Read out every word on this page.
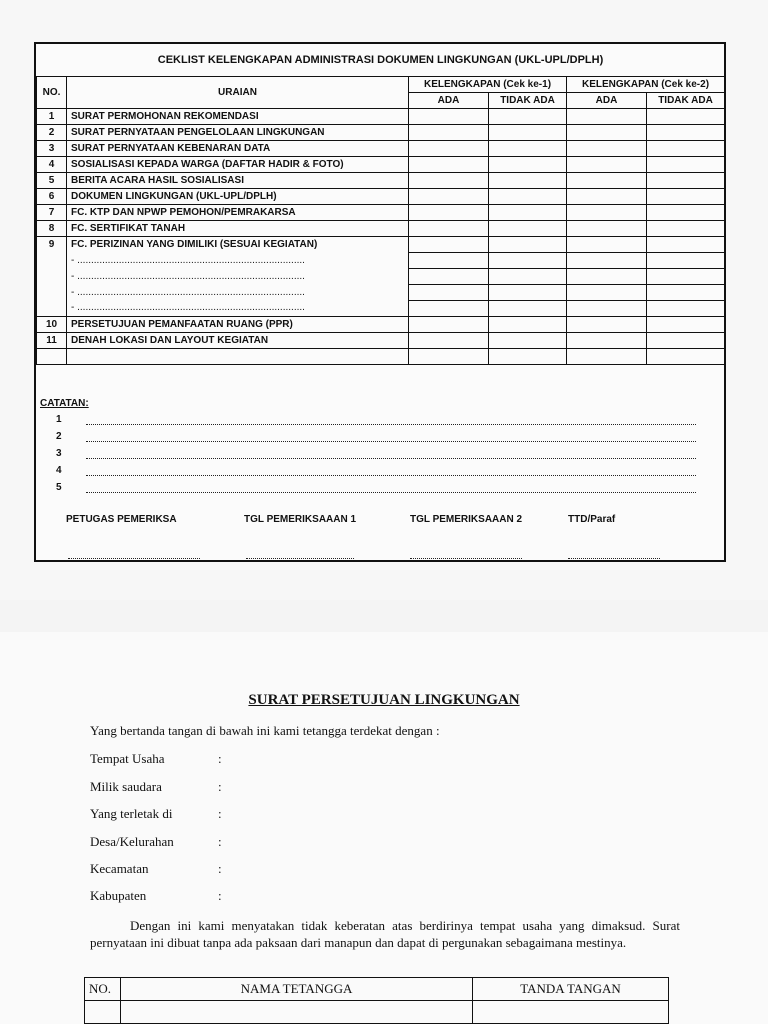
CEKLIST KELENGKAPAN ADMINISTRASI DOKUMEN LINGKUNGAN (UKL-UPL/DPLH)					
NO.	URAIAN	KELENGKAPAN (Cek ke-1)		KELENGKAPAN (Cek ke-2)	
		ADA	TIDAK ADA	ADA	TIDAK ADA
1	SURAT PERMOHONAN REKOMENDASI				
2	SURAT PERNYATAAN PENGELOLAAN LINGKUNGAN				
3	SURAT PERNYATAAN KEBENARAN DATA				
4	SOSIALISASI KEPADA WARGA (DAFTAR HADIR & FOTO)				
5	BERITA ACARA HASIL SOSIALISASI				
6	DOKUMEN LINGKUNGAN (UKL-UPL/DPLH)				
7	FC. KTP DAN NPWP PEMOHON/PEMRAKARSA				
8	FC. SERTIFIKAT TANAH				
9	FC. PERIZINAN YANG DIMILIKI (SESUAI KEGIATAN)				
	- ..................................................................................				
	- ..................................................................................				
	- ..................................................................................				
	- ..................................................................................				
10	PERSETUJUAN PEMANFAATAN RUANG (PPR)				
11	DENAH LOKASI DAN LAYOUT KEGIATAN				

CATATAN:
1
2
3
4
5
PETUGAS PEMERIKSA	TGL PEMERIKSAAAN 1	TGL PEMERIKSAAAN 2	TTD/Paraf
SURAT PERSETUJUAN LINGKUNGAN
Yang bertanda tangan di bawah ini kami tetangga terdekat dengan :
Tempat Usaha	:
Milik saudara	:
Yang terletak di	:
Desa/Kelurahan	:
Kecamatan	:
Kabupaten	:
Dengan ini kami menyatakan tidak keberatan atas berdirinya tempat usaha yang dimaksud. Surat pernyataan ini dibuat tanpa ada paksaan dari manapun dan dapat di pergunakan sebagaimana mestinya.
NO.	NAMA TETANGGA	TANDA TANGAN
